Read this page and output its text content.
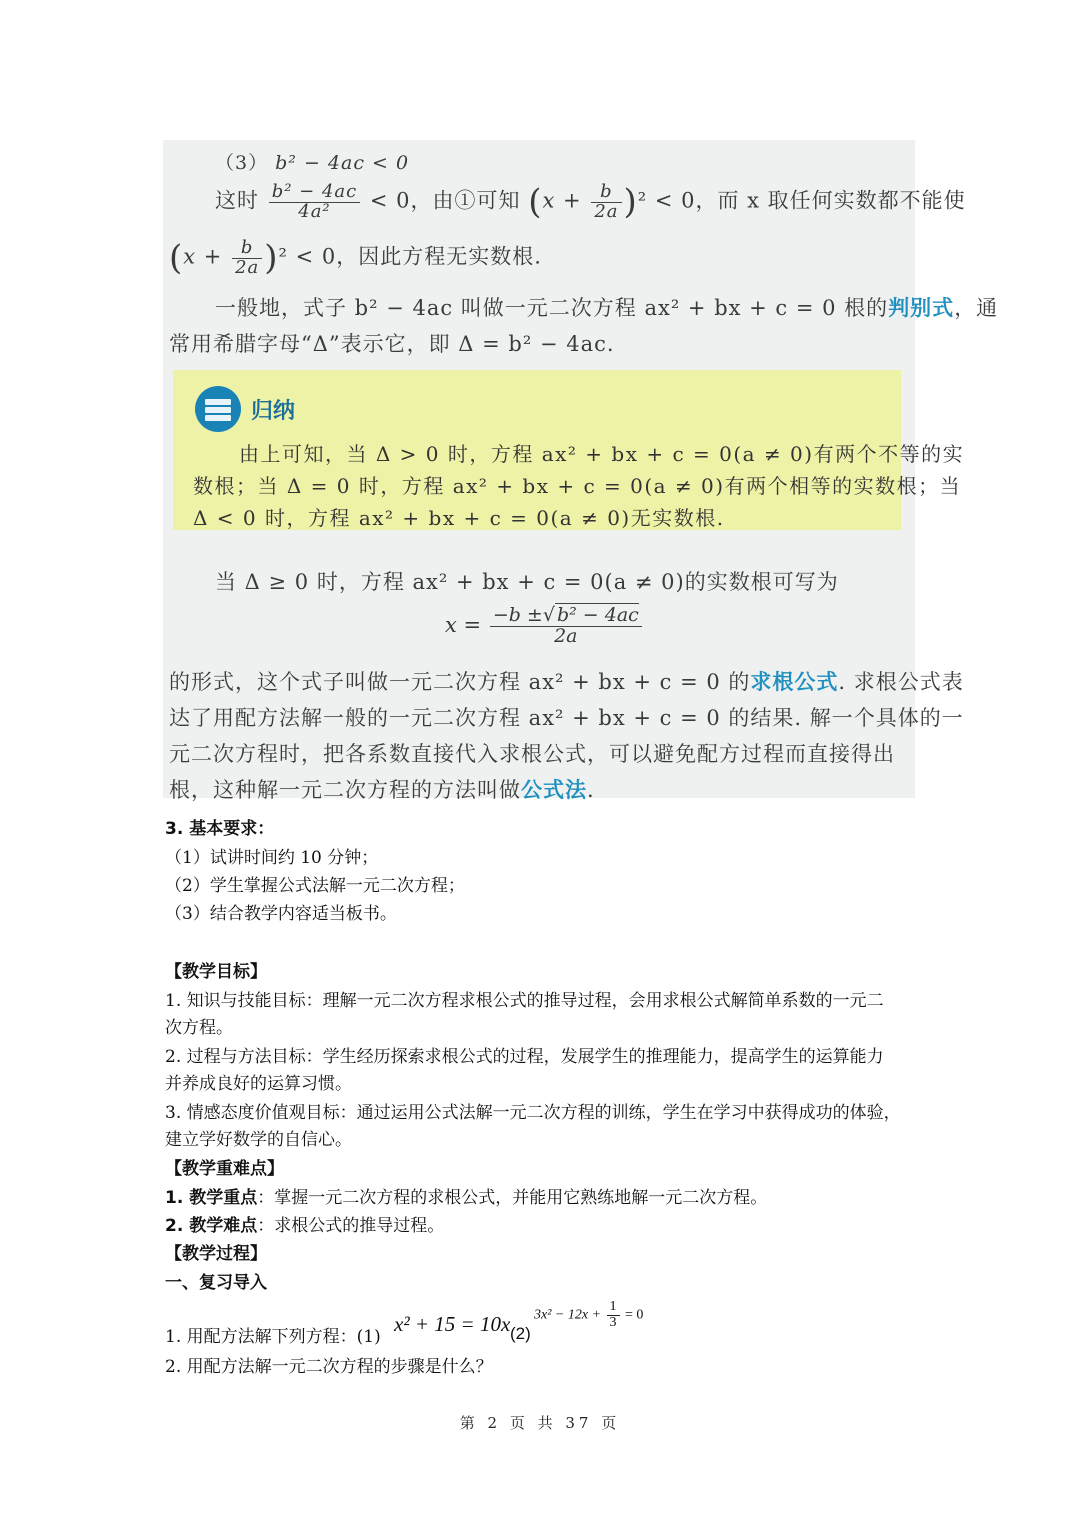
（3） b² − 4ac < 0
这时 $\frac{\text{b² − 4ac}}{\text{4a²}} < 0$，由①可知 $(x + \frac{b}{2a} )^2 < 0$，而 x 取任何实数都不能使
$(x + \frac{b}{2a} )^2 < 0$，因此方程无实数根.
一般地，式子 b² − 4ac 叫做一元二次方程 ax² + bx + c = 0 根的判别式，通
常用希腊字母“Δ”表示它，即 Δ = b² − 4ac.
归纳
由上可知，当 Δ > 0 时，方程 ax² + bx + c = 0(a ≠ 0)有两个不等的实
数根；当 Δ = 0 时，方程 ax² + bx + c = 0(a ≠ 0)有两个相等的实数根；当
Δ < 0 时，方程 ax² + bx + c = 0(a ≠ 0)无实数根.
当 Δ ≥ 0 时，方程 ax² + bx + c = 0(a ≠ 0)的实数根可写为
$x = \frac{\text{−b ±√ b² − 4ac}}{2a}$
的形式，这个式子叫做一元二次方程 ax² + bx + c = 0 的求根公式. 求根公式表
达了用配方法解一般的一元二次方程 ax² + bx + c = 0 的结果. 解一个具体的一
元二次方程时，把各系数直接代入求根公式，可以避免配方过程而直接得出
根，这种解一元二次方程的方法叫做公式法.
3. 基本要求：
（1）试讲时间约 10 分钟；
（2）学生掌握公式法解一元二次方程；
（3）结合教学内容适当板书。
【教学目标】
1. 知识与技能目标：理解一元二次方程求根公式的推导过程，会用求根公式解简单系数的一元二
次方程。
2. 过程与方法目标：学生经历探索求根公式的过程，发展学生的推理能力，提高学生的运算能力
并养成良好的运算习惯。
3. 情感态度价值观目标：通过运用公式法解一元二次方程的训练，学生在学习中获得成功的体验，
建立学好数学的自信心。
【教学重难点】
1. 教学重点：掌握一元二次方程的求根公式，并能用它熟练地解一元二次方程。
2. 教学难点：求根公式的推导过程。
【教学过程】
一、复习导入
1. 用配方法解下列方程：(1)
x² + 15 = 10x (2)
$3x^2 - 12x + \frac{1}{3} = 0$
2. 用配方法解一元二次方程的步骤是什么？
第 2 页 共 37 页
